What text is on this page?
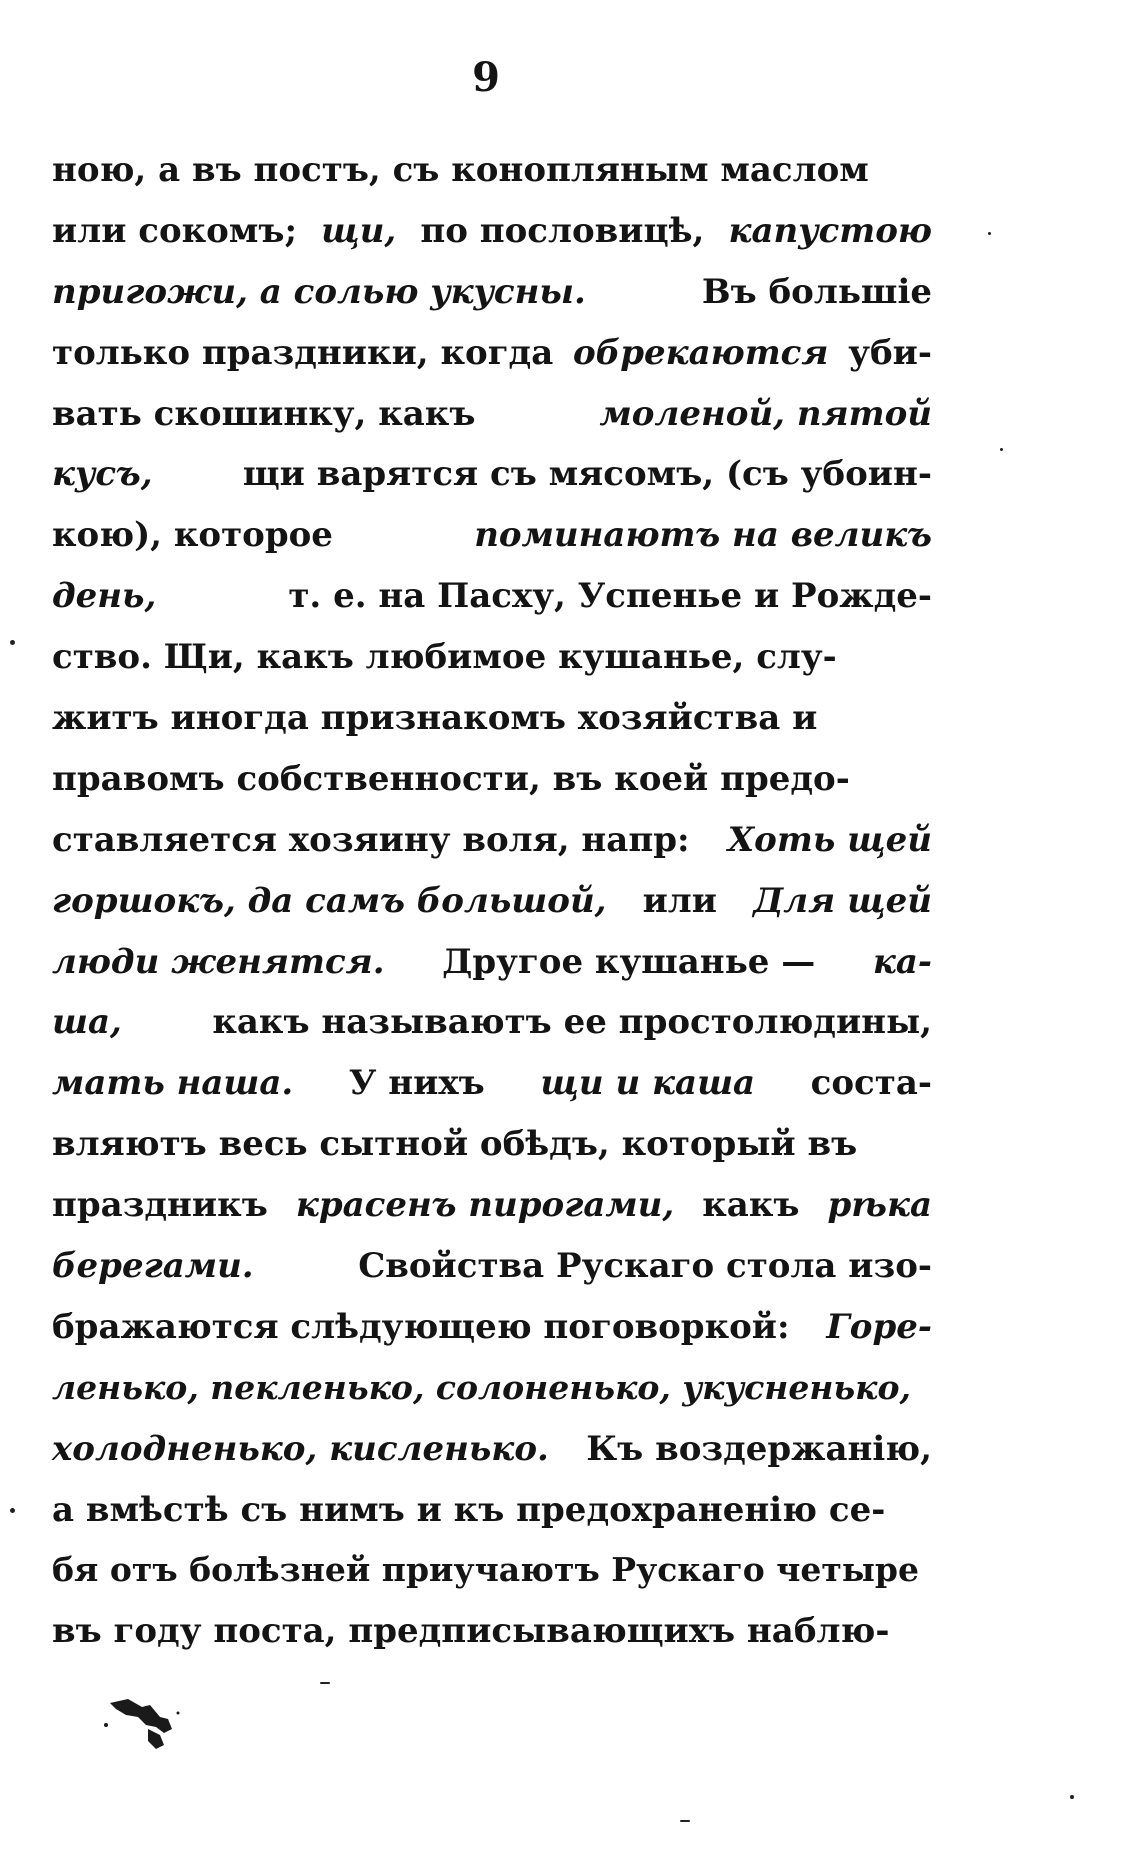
9
ною, а въ постъ, съ конопляным маслом
или сокомъ; щи, по пословицѣ, капустою
пригожи, а солью укусны.	Въ большіе
только праздники, когда обрекаются уби-
вать скошинку, какъ	моленой, пятой
кусъ,	щи варятся съ мясомъ, (съ убоин-
кою), которое	поминаютъ на великъ
день,	т. е. на Пасху, Успенье и Рожде-
ство. Щи, какъ любимое кушанье, слу-
житъ иногда признакомъ хозяйства и
правомъ собственности, въ коей предо-
ставляется хозяину воля, напр: Хоть щей
горшокъ, да самъ большой, или Для щей
люди женятся. Другое кушанье — ка-
ша,	какъ называютъ ее простолюдины,
мать наша. У нихъ щи и каша соста-
вляютъ весь сытной обѣдъ, который въ
праздникъ красенъ пирогами, какъ рѣка
берегами.	Свойства Рускаго стола изо-
бражаются слѣдующею поговоркой: Горе-
ленько, пекленько, солоненько, укусненько,
холодненько, кисленько. Къ воздержанію,
а вмѣстѣ съ нимъ и къ предохраненію се-
бя отъ болѣзней приучаютъ Рускаго четыре
въ году поста, предписывающихъ наблю-
